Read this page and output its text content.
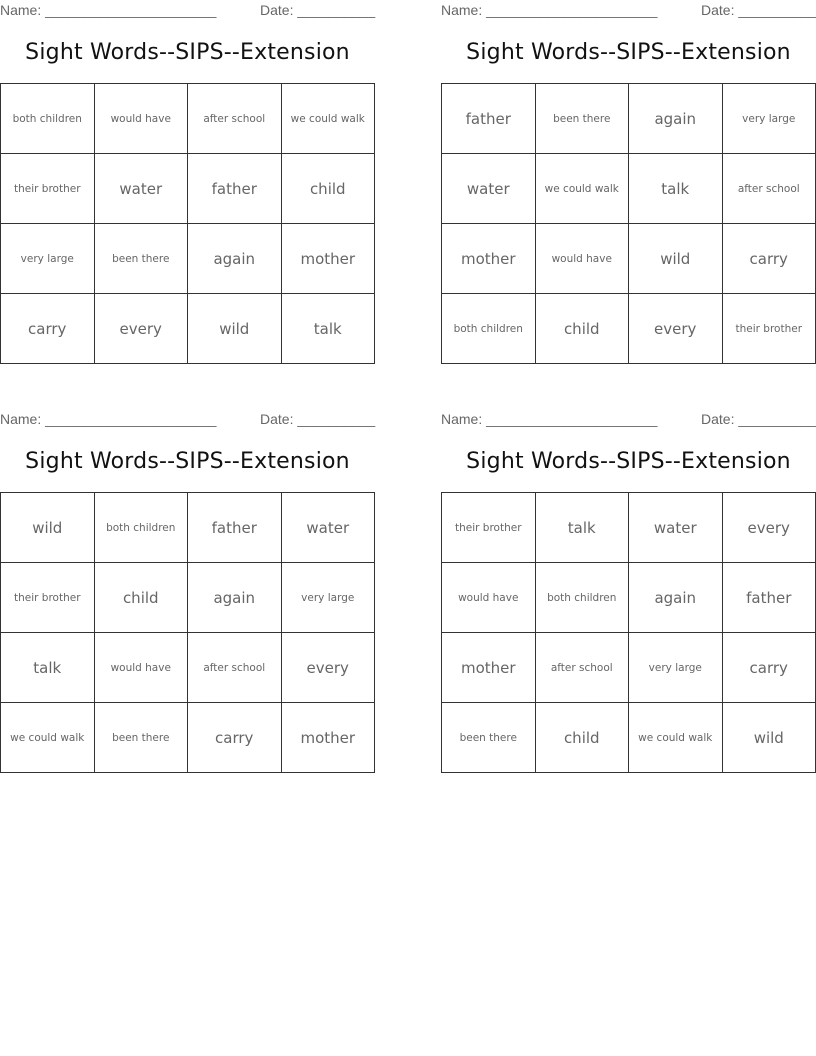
Name: ______________________	Date: __________
Sight Words--SIPS--Extension
both children	would have	after school	we could walk
their brother	water	father	child
very large	been there	again	mother
carry	every	wild	talk
Name: ______________________	Date: __________
Sight Words--SIPS--Extension
father	been there	again	very large
water	we could walk	talk	after school
mother	would have	wild	carry
both children	child	every	their brother
Name: ______________________	Date: __________
Sight Words--SIPS--Extension
wild	both children	father	water
their brother	child	again	very large
talk	would have	after school	every
we could walk	been there	carry	mother
Name: ______________________	Date: __________
Sight Words--SIPS--Extension
their brother	talk	water	every
would have	both children	again	father
mother	after school	very large	carry
been there	child	we could walk	wild
